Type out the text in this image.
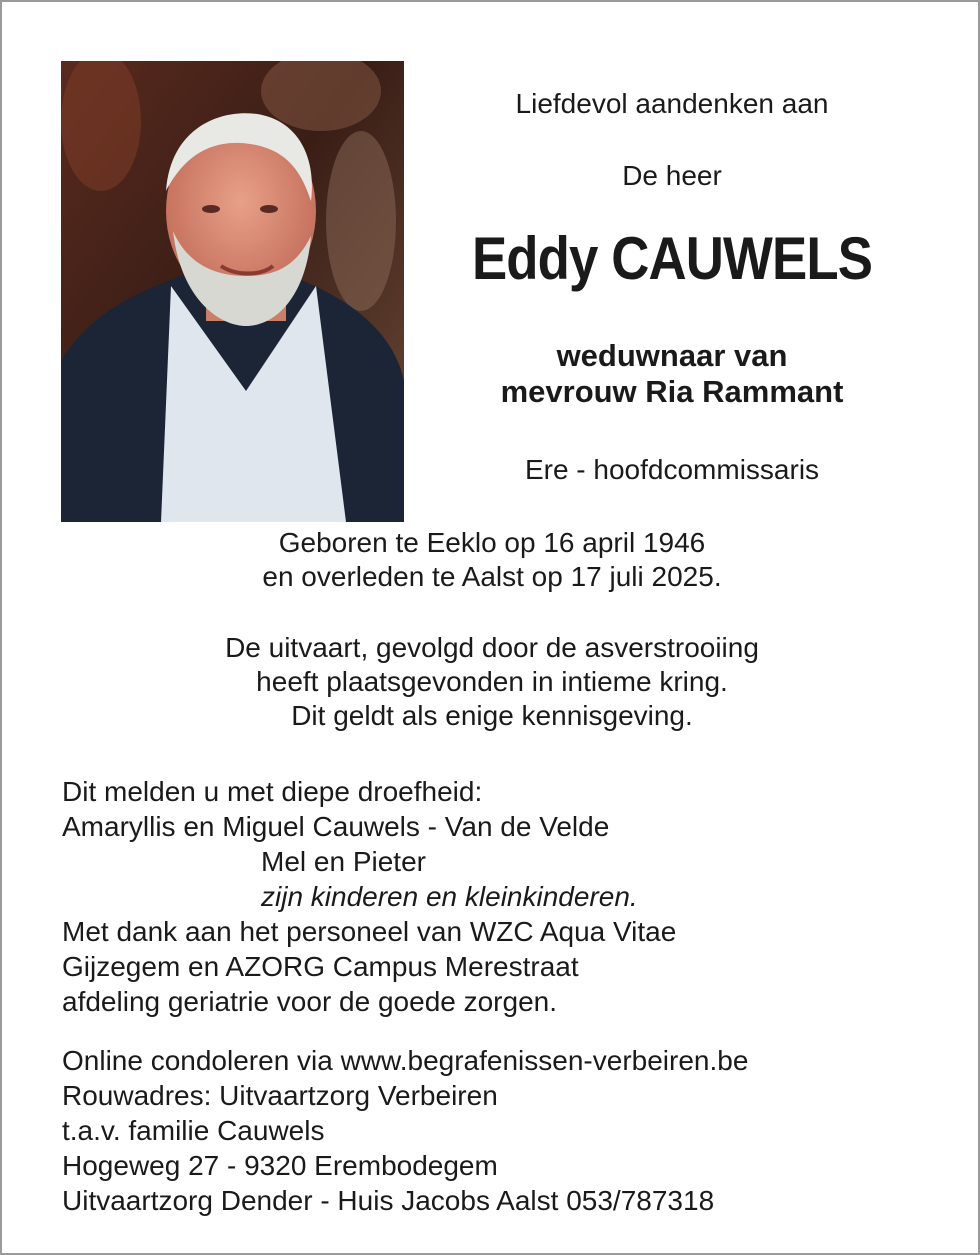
Liefdevol aandenken aan
De heer
Eddy CAUWELS
weduwnaar van
mevrouw Ria Rammant
Ere - hoofdcommissaris
Geboren te Eeklo op 16 april 1946
en overleden te Aalst op 17 juli 2025.
De uitvaart, gevolgd door de asverstrooiing
heeft plaatsgevonden in intieme kring.
Dit geldt als enige kennisgeving.
Dit melden u met diepe droefheid:
Amaryllis en Miguel Cauwels - Van de Velde
Mel en Pieter
zijn kinderen en kleinkinderen.
Met dank aan het personeel van WZC Aqua Vitae
Gijzegem en AZORG Campus Merestraat
afdeling geriatrie voor de goede zorgen.
Online condoleren via www.begrafenissen-verbeiren.be
Rouwadres: Uitvaartzorg Verbeiren
t.a.v. familie Cauwels
Hogeweg 27 - 9320 Erembodegem
Uitvaartzorg Dender - Huis Jacobs Aalst 053/787318
